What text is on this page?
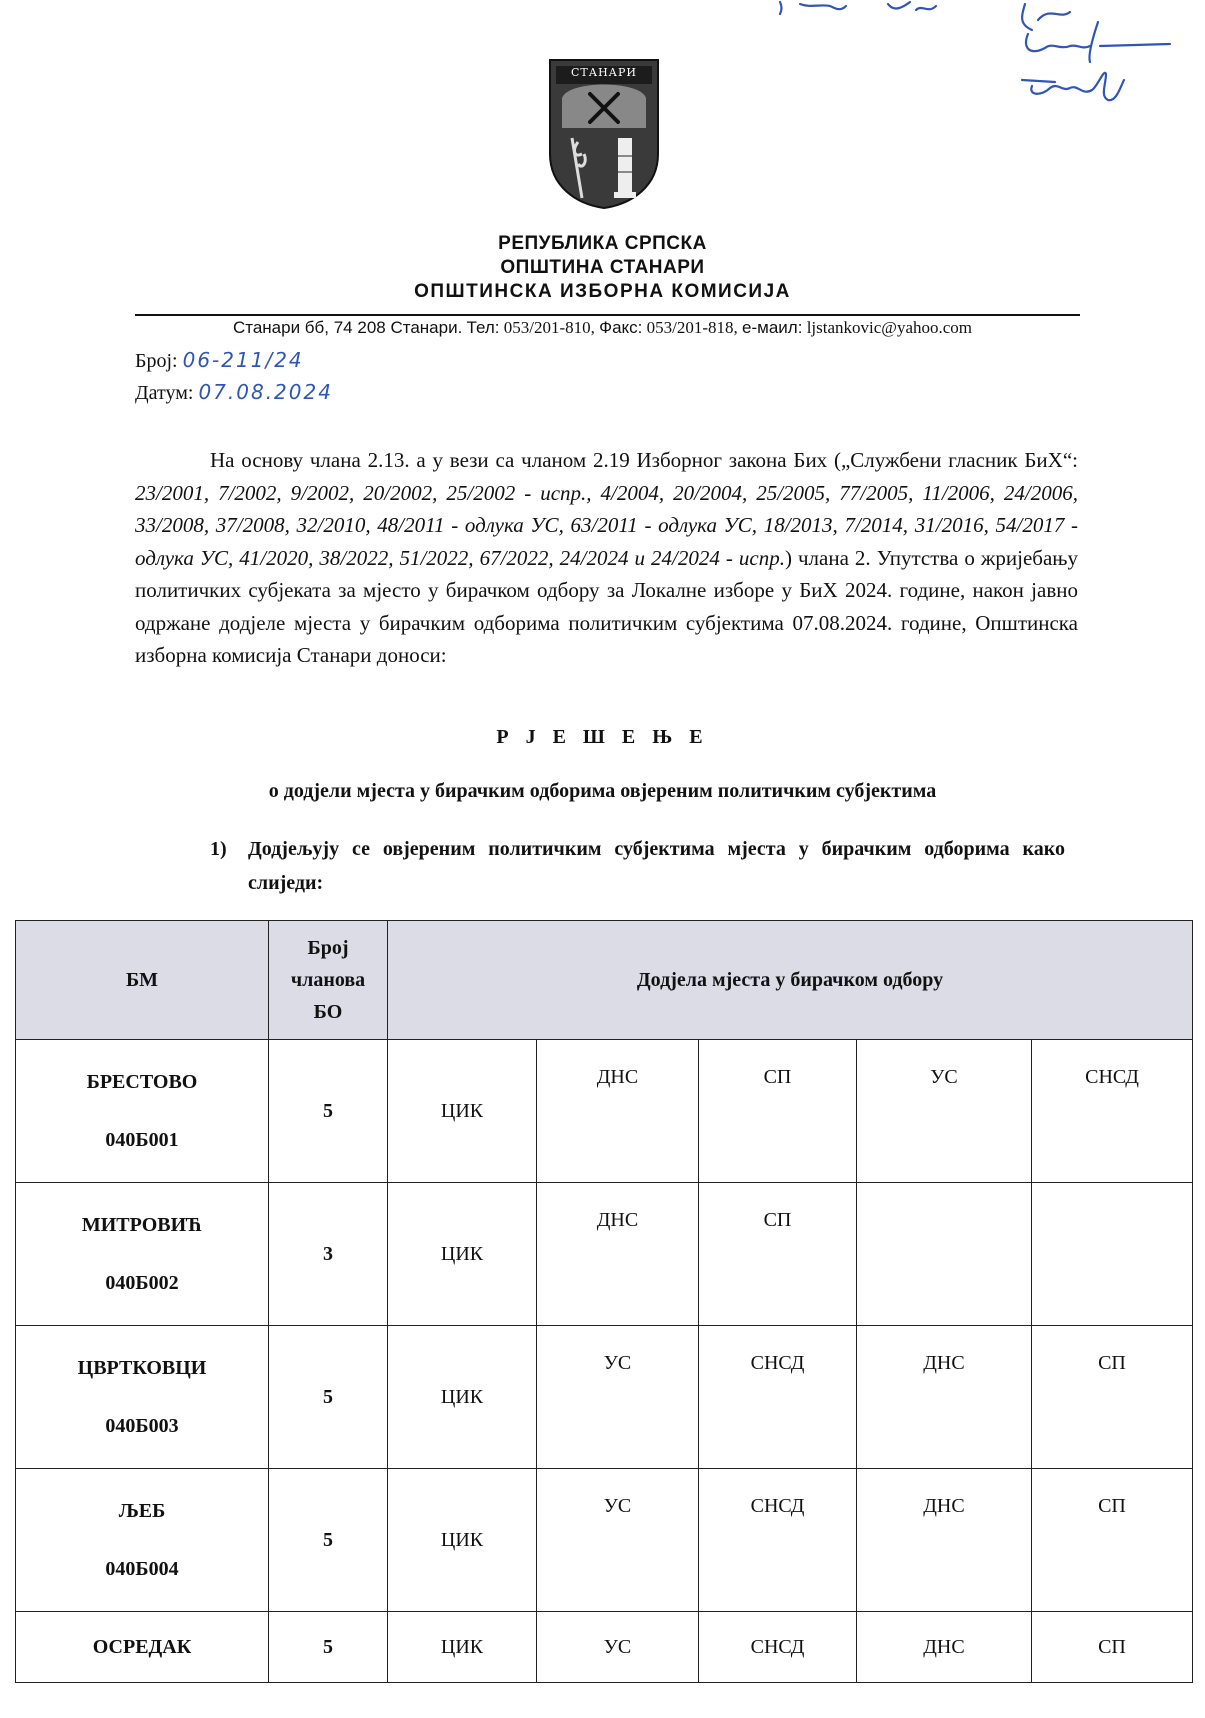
СТАНАРИ
РЕПУБЛИКА СРПСКА
ОПШТИНА СТАНАРИ
ОПШТИНСКА ИЗБОРНА КОМИСИЈА
Станари бб, 74 208 Станари. Тел: 053/201-810, Факс: 053/201-818, е-маил: ljstankovic@yahoo.com
Број: 06-211/24
Датум: 07.08.2024
На основу члана 2.13. а у вези са чланом 2.19 Изборног закона Бих („Службени гласник БиХ“: 23/2001, 7/2002, 9/2002, 20/2002, 25/2002 - испр., 4/2004, 20/2004, 25/2005, 77/2005, 11/2006, 24/2006, 33/2008, 37/2008, 32/2010, 48/2011 - одлука УС, 63/2011 - одлука УС, 18/2013, 7/2014, 31/2016, 54/2017 - одлука УС, 41/2020, 38/2022, 51/2022, 67/2022, 24/2024 и 24/2024 - испр.) члана 2. Упутства о жријебању политичких субјеката за мјесто у бирачком одбору за Локалне изборе у БиХ 2024. године, након јавно одржане додјеле мјеста у бирачким одборима политичким субјектима 07.08.2024. године, Општинска изборна комисија Станари доноси:
Р Ј Е Ш Е Њ Е
о додјели мјеста у бирачким одборима овјереним политичким субјектима
1) Додјељују се овјереним политичким субјектима мјеста у бирачким одборима како слиједи:
БМ	Број члановa БО	Додјела мјеста у бирачком одбору				

БРЕСТОВО
040Б001	5	ЦИК	ДНС	СП	УС	СНСД

МИТРОВИЋ
040Б002	3	ЦИК	ДНС	СП		

ЦВРТКОВЦИ
040Б003	5	ЦИК	УС	СНСД	ДНС	СП

ЉЕБ
040Б004	5	ЦИК	УС	СНСД	ДНС	СП

ОСРЕДАК	5	ЦИК	УС	СНСД	ДНС	СП
